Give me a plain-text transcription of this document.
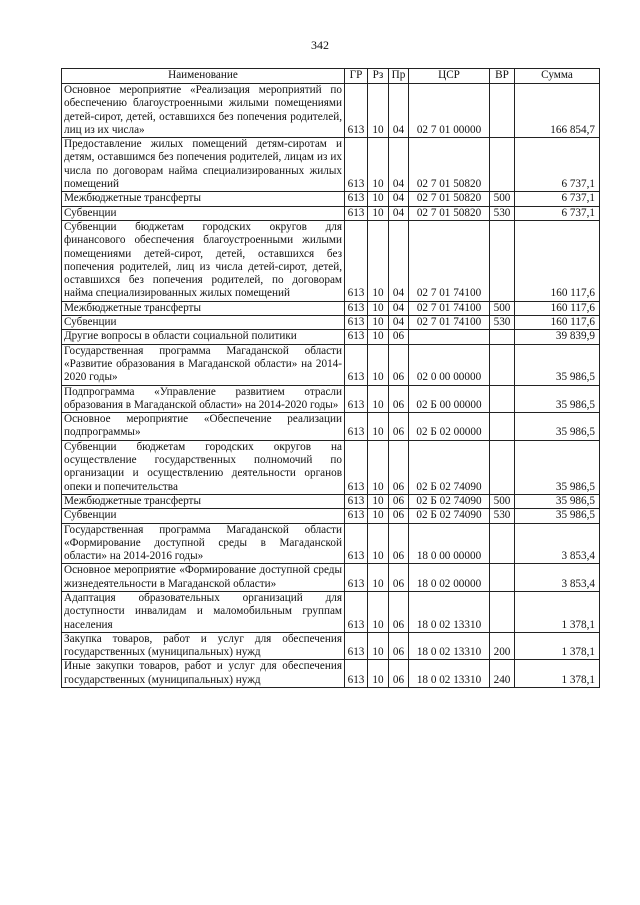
342
Наименование	ГР	Рз	Пр	ЦСР	ВР	Сумма
Основное мероприятие «Реализация мероприятий по обеспечению благоустроенными жилыми помещениями детей-сирот, детей, оставшихся без попечения родителей, лиц из их числа»	613	10	04	02 7 01 00000		166 854,7
Предоставление жилых помещений детям-сиротам и детям, оставшимся без попечения родителей, лицам из их числа по договорам найма специализированных жилых помещений	613	10	04	02 7 01 50820		6 737,1
Межбюджетные трансферты	613	10	04	02 7 01 50820	500	6 737,1
Субвенции	613	10	04	02 7 01 50820	530	6 737,1
Субвенции бюджетам городских округов для финансового обеспечения благоустроенными жилыми помещениями детей-сирот, детей, оставшихся без попечения родителей, лиц из числа детей-сирот, детей, оставшихся без попечения родителей, по договорам найма специализированных жилых помещений	613	10	04	02 7 01 74100		160 117,6
Межбюджетные трансферты	613	10	04	02 7 01 74100	500	160 117,6
Субвенции	613	10	04	02 7 01 74100	530	160 117,6
Другие вопросы в области социальной политики	613	10	06			39 839,9
Государственная программа Магаданской области «Развитие образования в Магаданской области» на 2014-2020 годы»	613	10	06	02 0 00 00000		35 986,5
Подпрограмма «Управление развитием отрасли образования в Магаданской области» на 2014-2020 годы»	613	10	06	02 Б 00 00000		35 986,5
Основное мероприятие «Обеспечение реализации подпрограммы»	613	10	06	02 Б 02 00000		35 986,5
Субвенции бюджетам городских округов на осуществление государственных полномочий по организации и осуществлению деятельности органов опеки и попечительства	613	10	06	02 Б 02 74090		35 986,5
Межбюджетные трансферты	613	10	06	02 Б 02 74090	500	35 986,5
Субвенции	613	10	06	02 Б 02 74090	530	35 986,5
Государственная программа Магаданской области «Формирование доступной среды в Магаданской области» на 2014-2016 годы»	613	10	06	18 0 00 00000		3 853,4
Основное мероприятие «Формирование доступной среды жизнедеятельности в Магаданской области»	613	10	06	18 0 02 00000		3 853,4
Адаптация образовательных организаций для доступности инвалидам и маломобильным группам населения	613	10	06	18 0 02 13310		1 378,1
Закупка товаров, работ и услуг для обеспечения государственных (муниципальных) нужд	613	10	06	18 0 02 13310	200	1 378,1
Иные закупки товаров, работ и услуг для обеспечения государственных (муниципальных) нужд	613	10	06	18 0 02 13310	240	1 378,1
